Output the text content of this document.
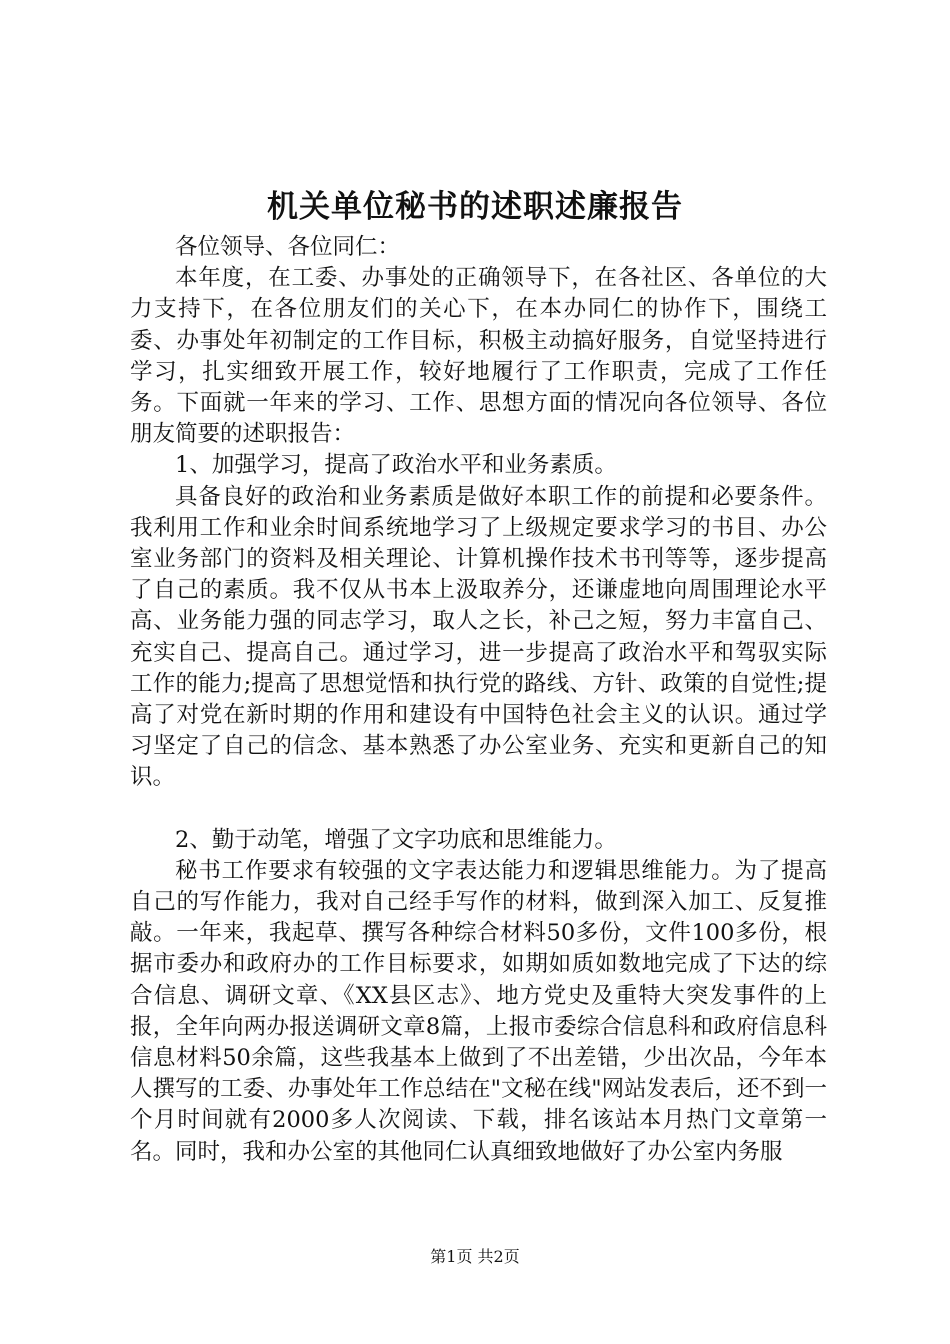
机关单位秘书的述职述廉报告

各位领导、各位同仁：

本年度，在工委、办事处的正确领导下，在各社区、各单位的大力支持下，在各位朋友们的关心下，在本办同仁的协作下，围绕工委、办事处年初制定的工作目标，积极主动搞好服务，自觉坚持进行学习，扎实细致开展工作，较好地履行了工作职责，完成了工作任务。下面就一年来的学习、工作、思想方面的情况向各位领导、各位朋友简要的述职报告：

1、加强学习，提高了政治水平和业务素质。

具备良好的政治和业务素质是做好本职工作的前提和必要条件。我利用工作和业余时间系统地学习了上级规定要求学习的书目、办公室业务部门的资料及相关理论、计算机操作技术书刊等等，逐步提高了自己的素质。我不仅从书本上汲取养分，还谦虚地向周围理论水平高、业务能力强的同志学习，取人之长，补己之短，努力丰富自己、充实自己、提高自己。通过学习，进一步提高了政治水平和驾驭实际工作的能力;提高了思想觉悟和执行党的路线、方针、政策的自觉性;提高了对党在新时期的作用和建设有中国特色社会主义的认识。通过学习坚定了自己的信念、基本熟悉了办公室业务、充实和更新自己的知识。

2、勤于动笔，增强了文字功底和思维能力。

秘书工作要求有较强的文字表达能力和逻辑思维能力。为了提高自己的写作能力，我对自己经手写作的材料，做到深入加工、反复推敲。一年来，我起草、撰写各种综合材料50多份，文件100多份，根据市委办和政府办的工作目标要求，如期如质如数地完成了下达的综合信息、调研文章、《XX县区志》、地方党史及重特大突发事件的上报，全年向两办报送调研文章8篇，上报市委综合信息科和政府信息科信息材料50余篇，这些我基本上做到了不出差错，少出次品，今年本人撰写的工委、办事处年工作总结在"文秘在线"网站发表后，还不到一个月时间就有2000多人次阅读、下载，排名该站本月热门文章第一名。同时，我和办公室的其他同仁认真细致地做好了办公室内务服

第1页 共2页
